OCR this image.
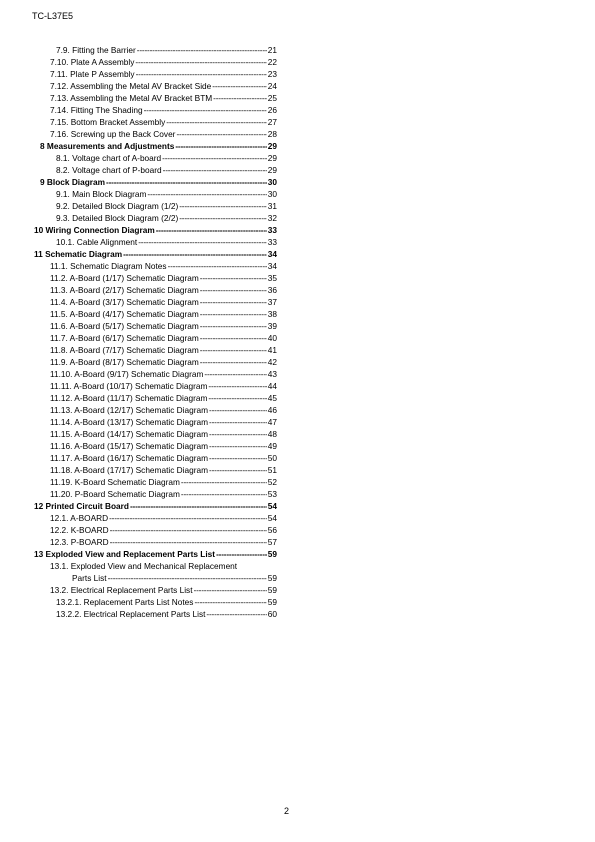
TC-L37E5
7.9. Fitting the Barrier -----	21
7.10. Plate A Assembly -----	22
7.11. Plate P Assembly -----	23
7.12. Assembling the Metal AV Bracket Side -----	24
7.13. Assembling the Metal AV Bracket BTM -----	25
7.14. Fitting The Shading -----	26
7.15. Bottom Bracket Assembly -----	27
7.16. Screwing up the Back Cover -----	28
8 Measurements and Adjustments -----	29
8.1. Voltage chart of A-board -----	29
8.2. Voltage chart of P-board -----	29
9 Block Diagram -----	30
9.1. Main Block Diagram -----	30
9.2. Detailed Block Diagram (1/2) -----	31
9.3. Detailed Block Diagram (2/2) -----	32
10 Wiring Connection Diagram -----	33
10.1. Cable Alignment -----	33
11 Schematic Diagram -----	34
11.1. Schematic Diagram Notes -----	34
11.2. A-Board (1/17) Schematic Diagram -----	35
11.3. A-Board (2/17) Schematic Diagram -----	36
11.4. A-Board (3/17) Schematic Diagram -----	37
11.5. A-Board (4/17) Schematic Diagram -----	38
11.6. A-Board (5/17) Schematic Diagram -----	39
11.7. A-Board (6/17) Schematic Diagram -----	40
11.8. A-Board (7/17) Schematic Diagram -----	41
11.9. A-Board (8/17) Schematic Diagram -----	42
11.10. A-Board (9/17) Schematic Diagram -----	43
11.11. A-Board (10/17) Schematic Diagram -----	44
11.12. A-Board (11/17) Schematic Diagram -----	45
11.13. A-Board (12/17) Schematic Diagram -----	46
11.14. A-Board (13/17) Schematic Diagram -----	47
11.15. A-Board (14/17) Schematic Diagram -----	48
11.16. A-Board (15/17) Schematic Diagram -----	49
11.17. A-Board (16/17) Schematic Diagram -----	50
11.18. A-Board (17/17) Schematic Diagram -----	51
11.19. K-Board Schematic Diagram -----	52
11.20. P-Board Schematic Diagram -----	53
12 Printed Circuit Board -----	54
12.1. A-BOARD -----	54
12.2. K-BOARD -----	56
12.3. P-BOARD -----	57
13 Exploded View and Replacement Parts List -----	59
13.1. Exploded View and Mechanical Replacement
Parts List -----	59
13.2. Electrical Replacement Parts List -----	59
13.2.1. Replacement Parts List Notes -----	59
13.2.2. Electrical Replacement Parts List -----	60
2
